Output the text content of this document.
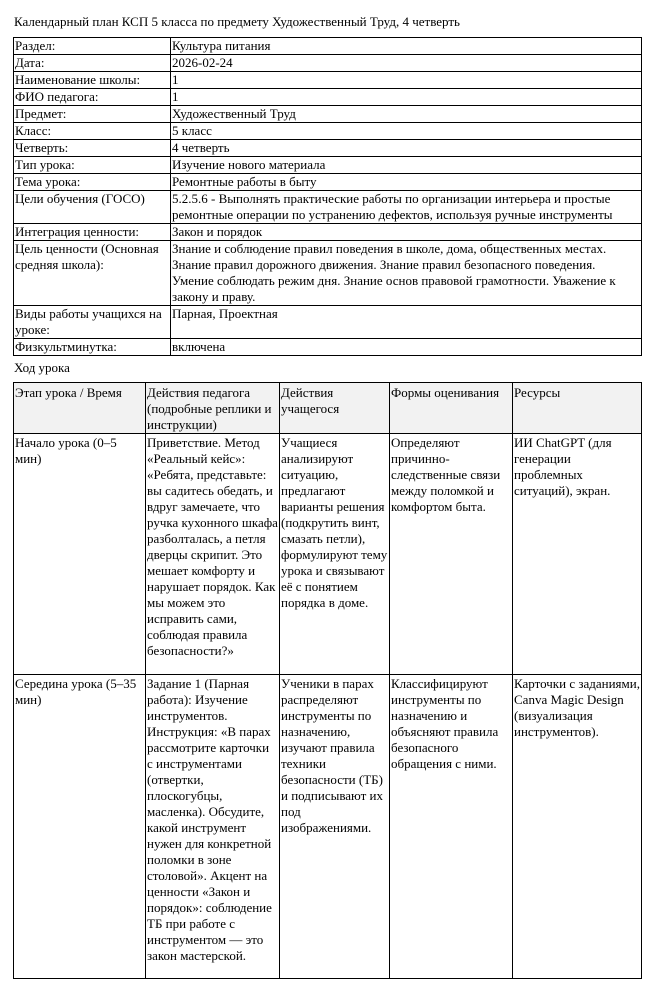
Календарный план КСП 5 класса по предмету Художественный Труд, 4 четверть
Раздел:	Культура питания
Дата:	2026-02-24
Наименование школы:	1
ФИО педагога:	1
Предмет:	Художественный Труд
Класс:	5 класс
Четверть:	4 четверть
Тип урока:	Изучение нового материала
Тема урока:	Ремонтные работы в быту
Цели обучения (ГОСО)	5.2.5.6 - Выполнять практические работы по организации интерьера и простые ремонтные операции по устранению дефектов, используя ручные инструменты
Интеграция ценности:	Закон и порядок
Цель ценности (Основная средняя школа):	Знание и соблюдение правил поведения в школе, дома, общественных местах. Знание правил дорожного движения. Знание правил безопасного поведения. Умение соблюдать режим дня. Знание основ правовой грамотности. Уважение к закону и праву.
Виды работы учащихся на уроке:	Парная, Проектная
Физкультминутка:	включена
Ход урока
Этап урока / Время	Действия педагога (подробные реплики и инструкции)	Действия учащегося	Формы оценивания	Ресурсы
Начало урока (0–5 мин)	Приветствие. Метод «Реальный кейс»: «Ребята, представьте: вы садитесь обедать, и вдруг замечаете, что ручка кухонного шкафа разболталась, а петля дверцы скрипит. Это мешает комфорту и нарушает порядок. Как мы можем это исправить сами, соблюдая правила безопасности?»	Учащиеся анализируют ситуацию, предлагают варианты решения (подкрутить винт, смазать петли), формулируют тему урока и связывают её с понятием порядка в доме.	Определяют причинно-следственные связи между поломкой и комфортом быта.	ИИ ChatGPT (для генерации проблемных ситуаций), экран.
Середина урока (5–35 мин)	Задание 1 (Парная работа): Изучение инструментов. Инструкция: «В парах рассмотрите карточки с инструментами (отвертки, плоскогубцы, масленка). Обсудите, какой инструмент нужен для конкретной поломки в зоне столовой». Акцент на ценности «Закон и порядок»: соблюдение ТБ при работе с инструментом — это закон мастерской.	Ученики в парах распределяют инструменты по назначению, изучают правила техники безопасности (ТБ) и подписывают их под изображениями.	Классифицируют инструменты по назначению и объясняют правила безопасного обращения с ними.	Карточки с заданиями, Canva Magic Design (визуализация инструментов).
